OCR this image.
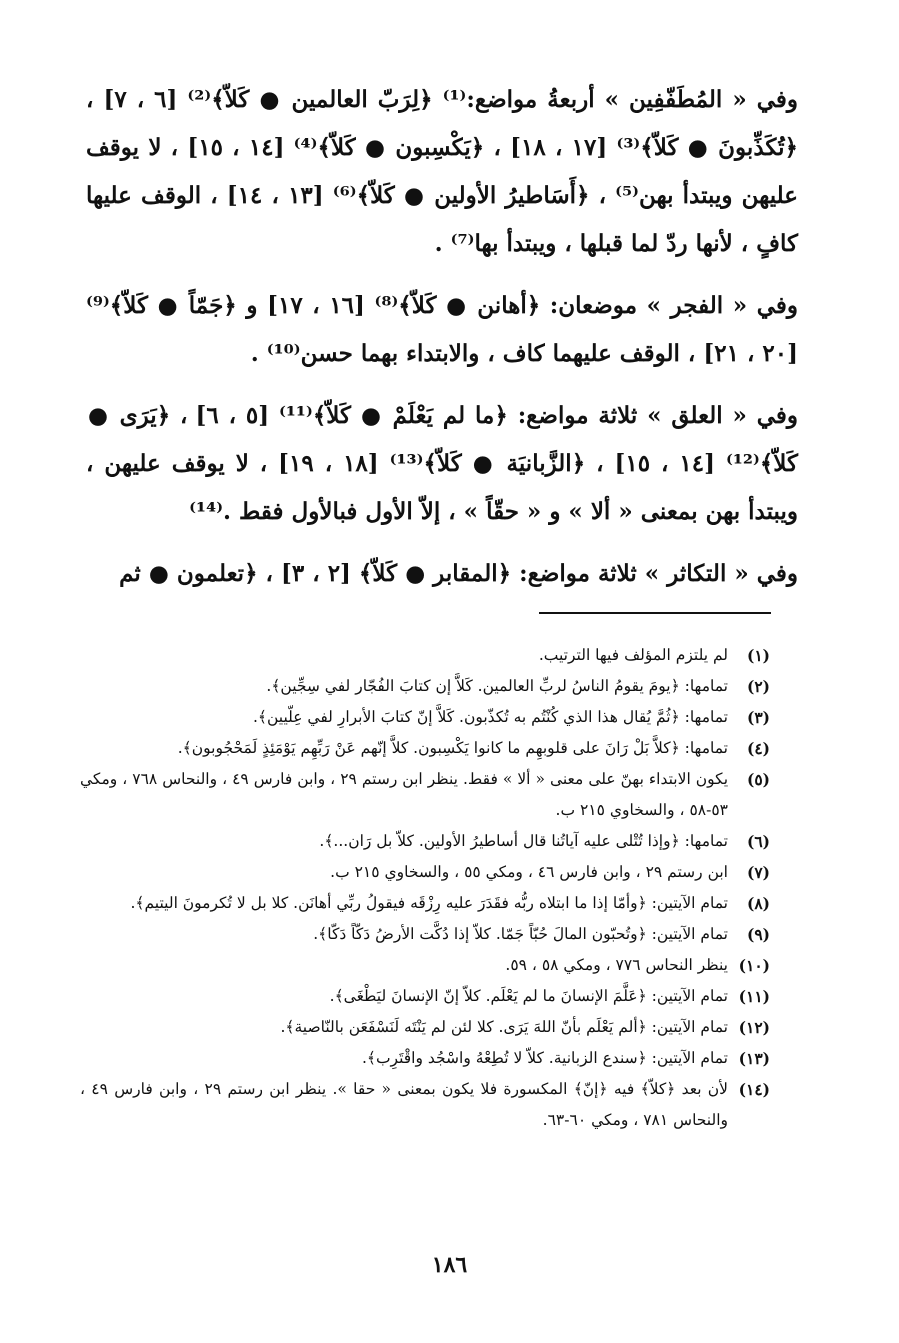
وفي « المُطَفّفِين » أربعةُ مواضع:⁽¹⁾ ﴿لِرَبّ العالمين ● كَلاّ﴾⁽²⁾ [٦ ، ٧] ، ﴿تُكَذِّبونَ ● كَلاّ﴾⁽³⁾ [١٧ ، ١٨] ، ﴿يَكْسِبون ● كَلاّ﴾⁽⁴⁾ [١٤ ، ١٥] ، لا يوقف عليهن ويبتدأ بهن⁽⁵⁾ ، ﴿أَسَاطيرُ الأولين ● كَلاّ﴾⁽⁶⁾ [١٣ ، ١٤] ، الوقف عليها كافٍ ، لأنها ردّ لما قبلها ، ويبتدأ بها⁽⁷⁾ .

وفي « الفجر » موضعان: ﴿أهانن ● كَلاّ﴾⁽⁸⁾ [١٦ ، ١٧] و ﴿جَمّاً ● كَلاّ﴾⁽⁹⁾ [٢٠ ، ٢١] ، الوقف عليهما كاف ، والابتداء بهما حسن⁽¹⁰⁾ .

وفي « العلق » ثلاثة مواضع: ﴿ما لم يَعْلَمْ ● كَلاّ﴾⁽¹¹⁾ [٥ ، ٦] ، ﴿يَرَى ● كَلاّ﴾⁽¹²⁾ [١٤ ، ١٥] ، ﴿الزَّبانيَة ● كَلاّ﴾⁽¹³⁾ [١٨ ، ١٩] ، لا يوقف عليهن ، ويبتدأ بهن بمعنى « ألا » و « حقّاً » ، إلاّ الأول فبالأول فقط .⁽¹⁴⁾

وفي « التكاثر » ثلاثة مواضع: ﴿المقابر ● كَلاّ﴾ [٢ ، ٣] ، ﴿تعلمون ● ثم

(١)
لم يلتزم المؤلف فيها الترتيب.
(٢)
تمامها: ﴿يومَ يقومُ الناسُ لربِّ العالمين. كَلاَّ إن كتابَ الفُجّار لفي سِجِّين﴾.
(٣)
تمامها: ﴿ثُمَّ يُقال هذا الذي كُنْتُم به تُكذّبون. كَلاَّ إنّ كتابَ الأبرارِ لفي عِلّيين﴾.
(٤)
تمامها: ﴿كلاَّ بَلْ رَانَ على قلوبهِم ما كانوا يَكْسِبون. كلاَّ إنّهم عَنْ رَبِّهِم يَوْمَئِذٍ لَمَحْجُوبون﴾.
(٥)
يكون الابتداء بهنّ على معنى « ألا » فقط. ينظر ابن رستم ٢٩ ، وابن فارس ٤٩ ، والنحاس ٧٦٨ ، ومكي ٥٣-٥٨ ، والسخاوي ٢١٥ ب.
(٦)
تمامها: ﴿وإذا تُتْلى عليه آياتُنا قال أساطيرُ الأولين. كلاّ بل رَان...﴾.
(٧)
ابن رستم ٢٩ ، وابن فارس ٤٦ ، ومكي ٥٥ ، والسخاوي ٢١٥ ب.
(٨)
تمام الآيتين: ﴿وأمّا إذا ما ابتلاه ربُّه فقَدَرَ عليه رِزْقَه فيقولُ ربِّي أهانَن. كلا بل لا تُكرمونَ اليتيم﴾.
(٩)
تمام الآيتين: ﴿وتُحبّون المالَ حُبّاً جَمّا. كلاّ إذا دُكَّت الأرضُ دَكّاً دَكّا﴾.
(١٠)
ينظر النحاس ٧٧٦ ، ومكي ٥٨ ، ٥٩.
(١١)
تمام الآيتين: ﴿عَلَّمَ الإنسانَ ما لم يَعْلَم. كلاّ إنّ الإنسانَ ليَطْغَى﴾.
(١٢)
تمام الآيتين: ﴿ألم يَعْلَم بأنّ اللهَ يَرَى. كلا لئن لم يَنْتَه لَنَسْفَعَن بالنّاصية﴾.
(١٣)
تمام الآيتين: ﴿سندع الزبانية. كلاّ لا تُطِعْهُ واسْجُد واقْتَرِب﴾.
(١٤)
لأن بعد ﴿كلاّ﴾ فيه ﴿إنّ﴾ المكسورة فلا يكون بمعنى « حقا ». ينظر ابن رستم ٢٩ ، وابن فارس ٤٩ ، والنحاس ٧٨١ ، ومكي ٦٠-٦٣.
١٨٦
